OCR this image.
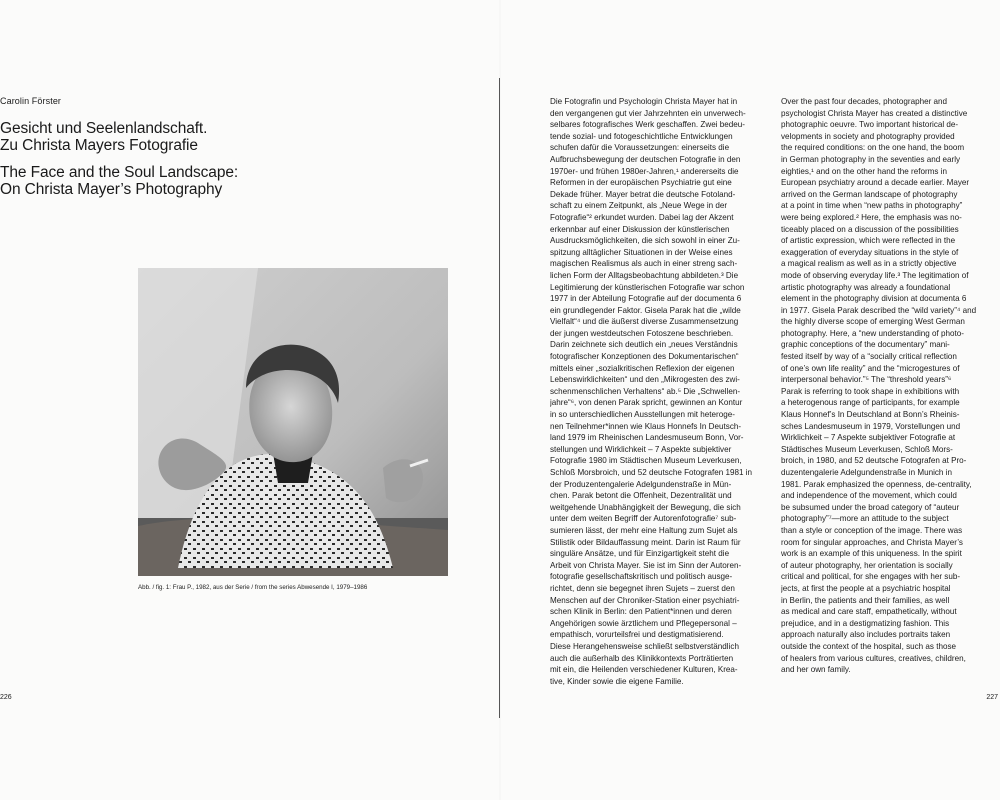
Carolin Förster
Gesicht und Seelenlandschaft.
Zu Christa Mayers Fotografie
The Face and the Soul Landscape:
On Christa Mayer’s Photography
Abb. / fig. 1: Frau P., 1982, aus der Serie / from the series Abwesende I, 1979–1986
226	227
Die Fotografin und Psychologin Christa Mayer hat in
den vergangenen gut vier Jahrzehnten ein unverwech-
selbares fotografisches Werk geschaffen. Zwei bedeu-
tende sozial- und fotogeschichtliche Entwicklungen
schufen dafür die Voraussetzungen: einerseits die
Aufbruchsbewegung der deutschen Fotografie in den
1970er- und frühen 1980er-Jahren,¹ andererseits die
Reformen in der europäischen Psychiatrie gut eine
Dekade früher. Mayer betrat die deutsche Fotoland-
schaft zu einem Zeitpunkt, als „Neue Wege in der
Fotografie“² erkundet wurden. Dabei lag der Akzent
erkennbar auf einer Diskussion der künstlerischen
Ausdrucksmöglichkeiten, die sich sowohl in einer Zu-
spitzung alltäglicher Situationen in der Weise eines
magischen Realismus als auch in einer streng sach-
lichen Form der Alltagsbeobachtung abbildeten.³ Die
Legitimierung der künstlerischen Fotografie war schon
1977 in der Abteilung Fotografie auf der documenta 6
ein grundlegender Faktor. Gisela Parak hat die „wilde
Vielfalt“⁴ und die äußerst diverse Zusammensetzung
der jungen westdeutschen Fotoszene beschrieben.
Darin zeichnete sich deutlich ein „neues Verständnis
fotografischer Konzeptionen des Dokumentarischen“
mittels einer „sozialkritischen Reflexion der eigenen
Lebenswirklichkeiten“ und den „Mikrogesten des zwi-
schenmenschlichen Verhaltens“ ab.⁵ Die „Schwellen-
jahre“⁶, von denen Parak spricht, gewinnen an Kontur
in so unterschiedlichen Ausstellungen mit heteroge-
nen Teilnehmer*innen wie Klaus Honnefs In Deutsch-
land 1979 im Rheinischen Landesmuseum Bonn, Vor-
stellungen und Wirklichkeit – 7 Aspekte subjektiver
Fotografie 1980 im Städtischen Museum Leverkusen,
Schloß Morsbroich, und 52 deutsche Fotografen 1981 in
der Produzentengalerie Adelgundenstraße in Mün-
chen. Parak betont die Offenheit, Dezentralität und
weitgehende Unabhängigkeit der Bewegung, die sich
unter dem weiten Begriff der Autorenfotografie⁷ sub-
sumieren lässt, der mehr eine Haltung zum Sujet als
Stilistik oder Bildauffassung meint. Darin ist Raum für
singuläre Ansätze, und für Einzigartigkeit steht die
Arbeit von Christa Mayer. Sie ist im Sinn der Autoren-
fotografie gesellschaftskritisch und politisch ausge-
richtet, denn sie begegnet ihren Sujets – zuerst den
Menschen auf der Chroniker-Station einer psychiatri-
schen Klinik in Berlin: den Patient*innen und deren
Angehörigen sowie ärztlichem und Pflegepersonal –
empathisch, vorurteilsfrei und destigmatisierend.
Diese Herangehensweise schließt selbstverständlich
auch die außerhalb des Klinikkontexts Porträtierten
mit ein, die Heilenden verschiedener Kulturen, Krea-
tive, Kinder sowie die eigene Familie.
Over the past four decades, photographer and
psychologist Christa Mayer has created a distinctive
photographic oeuvre. Two important historical de-
velopments in society and photography provided
the required conditions: on the one hand, the boom
in German photography in the seventies and early
eighties,¹ and on the other hand the reforms in
European psychiatry around a decade earlier. Mayer
arrived on the German landscape of photography
at a point in time when “new paths in photography”
were being explored.² Here, the emphasis was no-
ticeably placed on a discussion of the possibilities
of artistic expression, which were reflected in the
exaggeration of everyday situations in the style of
a magical realism as well as in a strictly objective
mode of observing everyday life.³ The legitimation of
artistic photography was already a foundational
element in the photography division at documenta 6
in 1977. Gisela Parak described the “wild variety”⁴ and
the highly diverse scope of emerging West German
photography. Here, a “new understanding of photo-
graphic conceptions of the documentary” mani-
fested itself by way of a “socially critical reflection
of one’s own life reality” and the “microgestures of
interpersonal behavior.”⁵ The “threshold years”⁶
Parak is referring to took shape in exhibitions with
a heterogenous range of participants, for example
Klaus Honnef’s In Deutschland at Bonn’s Rheinis-
sches Landesmuseum in 1979, Vorstellungen und
Wirklichkeit – 7 Aspekte subjektiver Fotografie at
Städtisches Museum Leverkusen, Schloß Mors-
broich, in 1980, and 52 deutsche Fotografen at Pro-
duzentengalerie Adelgundenstraße in Munich in
1981. Parak emphasized the openness, de-centrality,
and independence of the movement, which could
be subsumed under the broad category of “auteur
photography”⁷—more an attitude to the subject
than a style or conception of the image. There was
room for singular approaches, and Christa Mayer’s
work is an example of this uniqueness. In the spirit
of auteur photography, her orientation is socially
critical and political, for she engages with her sub-
jects, at first the people at a psychiatric hospital
in Berlin, the patients and their families, as well
as medical and care staff, empathetically, without
prejudice, and in a destigmatizing fashion. This
approach naturally also includes portraits taken
outside the context of the hospital, such as those
of healers from various cultures, creatives, children,
and her own family.
